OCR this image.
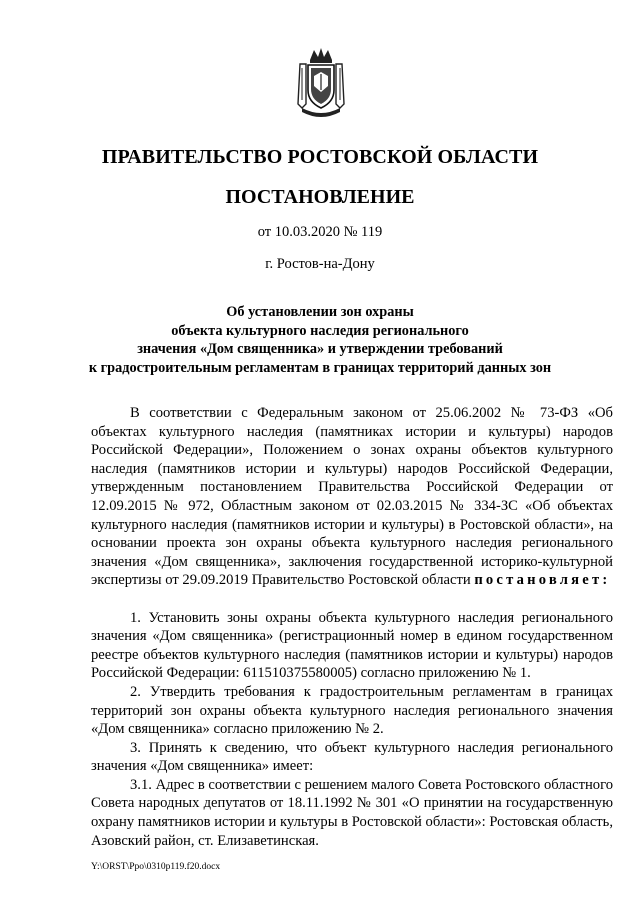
ПРАВИТЕЛЬСТВО РОСТОВСКОЙ ОБЛАСТИ
ПОСТАНОВЛЕНИЕ
от 10.03.2020 № 119
г. Ростов-на-Дону
Об установлении зон охраны
объекта культурного наследия регионального
значения «Дом священника» и утверждении требований
к градостроительным регламентам в границах территорий данных зон

В соответствии с Федеральным законом от 25.06.2002 № 73-ФЗ «Об объектах культурного наследия (памятниках истории и культуры) народов Российской Федерации», Положением о зонах охраны объектов культурного наследия (памятников истории и культуры) народов Российской Федерации, утвержденным постановлением Правительства Российской Федерации от 12.09.2015 № 972, Областным законом от 02.03.2015 № 334-ЗС «Об объектах культурного наследия (памятников истории и культуры) в Ростовской области», на основании проекта зон охраны объекта культурного наследия регионального значения «Дом священника», заключения государственной историко-культурной экспертизы от 29.09.2019 Правительство Ростовской области постановляет:

1. Установить зоны охраны объекта культурного наследия регионального значения «Дом священника» (регистрационный номер в едином государственном реестре объектов культурного наследия (памятников истории и культуры) народов Российской Федерации: 611510375580005) согласно приложению № 1.

2. Утвердить требования к градостроительным регламентам в границах территорий зон охраны объекта культурного наследия регионального значения «Дом священника» согласно приложению № 2.

3. Принять к сведению, что объект культурного наследия регионального значения «Дом священника» имеет:

3.1. Адрес в соответствии с решением малого Совета Ростовского областного Совета народных депутатов от 18.11.1992 № 301 «О принятии на государственную охрану памятников истории и культуры в Ростовской области»: Ростовская область, Азовский район, ст. Елизаветинская.

Y:\ORST\Ppo\0310p119.f20.docx
